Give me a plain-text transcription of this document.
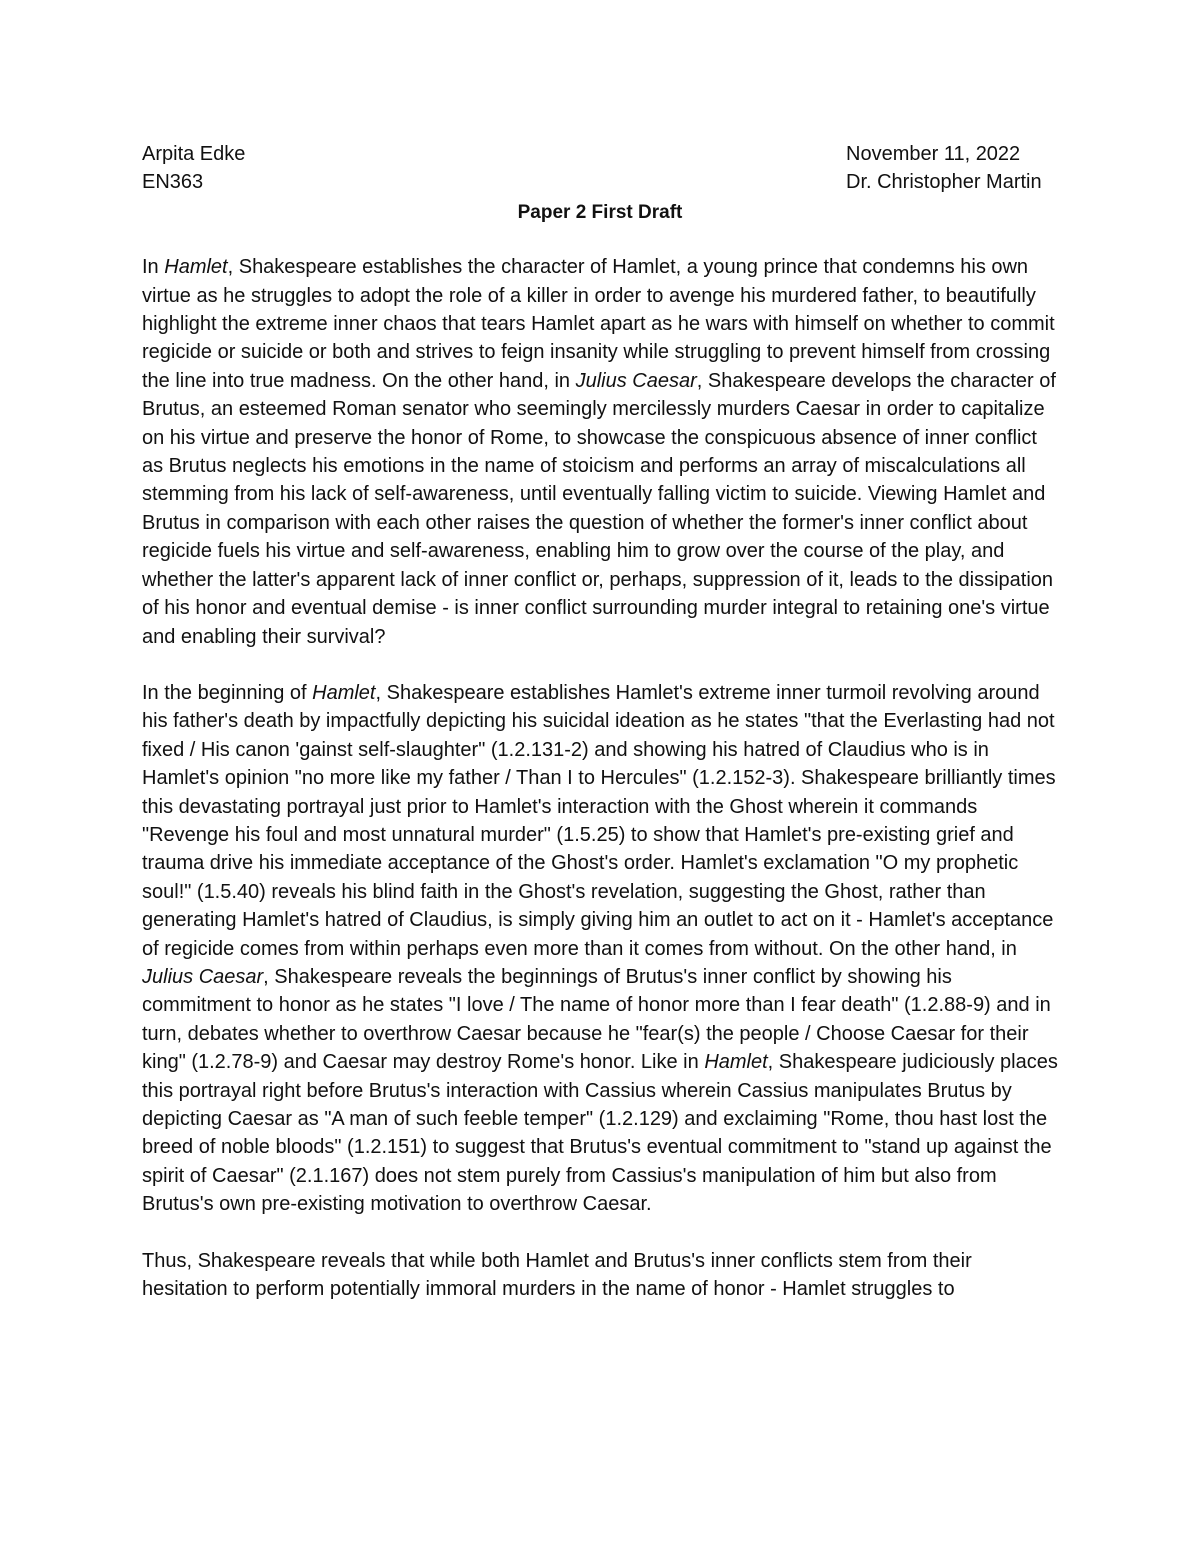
Arpita Edke	November 11, 2022
EN363	Dr. Christopher Martin
Paper 2 First Draft

In Hamlet, Shakespeare establishes the character of Hamlet, a young prince that condemns his own virtue as he struggles to adopt the role of a killer in order to avenge his murdered father, to beautifully highlight the extreme inner chaos that tears Hamlet apart as he wars with himself on whether to commit regicide or suicide or both and strives to feign insanity while struggling to prevent himself from crossing the line into true madness. On the other hand, in Julius Caesar, Shakespeare develops the character of Brutus, an esteemed Roman senator who seemingly mercilessly murders Caesar in order to capitalize on his virtue and preserve the honor of Rome, to showcase the conspicuous absence of inner conflict as Brutus neglects his emotions in the name of stoicism and performs an array of miscalculations all stemming from his lack of self-awareness, until eventually falling victim to suicide. Viewing Hamlet and Brutus in comparison with each other raises the question of whether the former's inner conflict about regicide fuels his virtue and self-awareness, enabling him to grow over the course of the play, and whether the latter's apparent lack of inner conflict or, perhaps, suppression of it, leads to the dissipation of his honor and eventual demise - is inner conflict surrounding murder integral to retaining one's virtue and enabling their survival?

In the beginning of Hamlet, Shakespeare establishes Hamlet's extreme inner turmoil revolving around his father's death by impactfully depicting his suicidal ideation as he states "that the Everlasting had not fixed / His canon 'gainst self-slaughter" (1.2.131-2) and showing his hatred of Claudius who is in Hamlet's opinion "no more like my father / Than I to Hercules" (1.2.152-3). Shakespeare brilliantly times this devastating portrayal just prior to Hamlet's interaction with the Ghost wherein it commands "Revenge his foul and most unnatural murder" (1.5.25) to show that Hamlet's pre-existing grief and trauma drive his immediate acceptance of the Ghost's order. Hamlet's exclamation "O my prophetic soul!" (1.5.40) reveals his blind faith in the Ghost's revelation, suggesting the Ghost, rather than generating Hamlet's hatred of Claudius, is simply giving him an outlet to act on it - Hamlet's acceptance of regicide comes from within perhaps even more than it comes from without. On the other hand, in Julius Caesar, Shakespeare reveals the beginnings of Brutus's inner conflict by showing his commitment to honor as he states "I love / The name of honor more than I fear death" (1.2.88-9) and in turn, debates whether to overthrow Caesar because he "fear(s) the people / Choose Caesar for their king" (1.2.78-9) and Caesar may destroy Rome's honor. Like in Hamlet, Shakespeare judiciously places this portrayal right before Brutus's interaction with Cassius wherein Cassius manipulates Brutus by depicting Caesar as "A man of such feeble temper" (1.2.129) and exclaiming "Rome, thou hast lost the breed of noble bloods" (1.2.151) to suggest that Brutus's eventual commitment to "stand up against the spirit of Caesar" (2.1.167) does not stem purely from Cassius's manipulation of him but also from Brutus's own pre-existing motivation to overthrow Caesar.

Thus, Shakespeare reveals that while both Hamlet and Brutus's inner conflicts stem from their hesitation to perform potentially immoral murders in the name of honor - Hamlet struggles to
